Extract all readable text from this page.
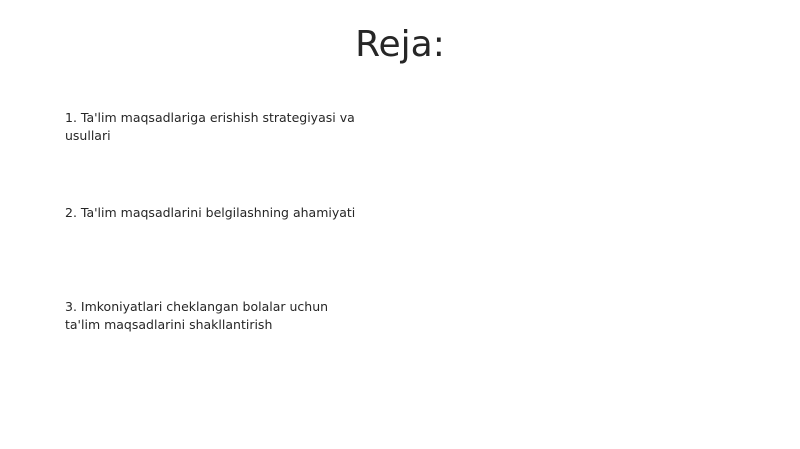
Reja:
1. Ta'lim maqsadlariga erishish strategiyasi va usullari
2. Ta'lim maqsadlarini belgilashning ahamiyati
3. Imkoniyatlari cheklangan bolalar uchun ta'lim maqsadlarini shakllantirish
